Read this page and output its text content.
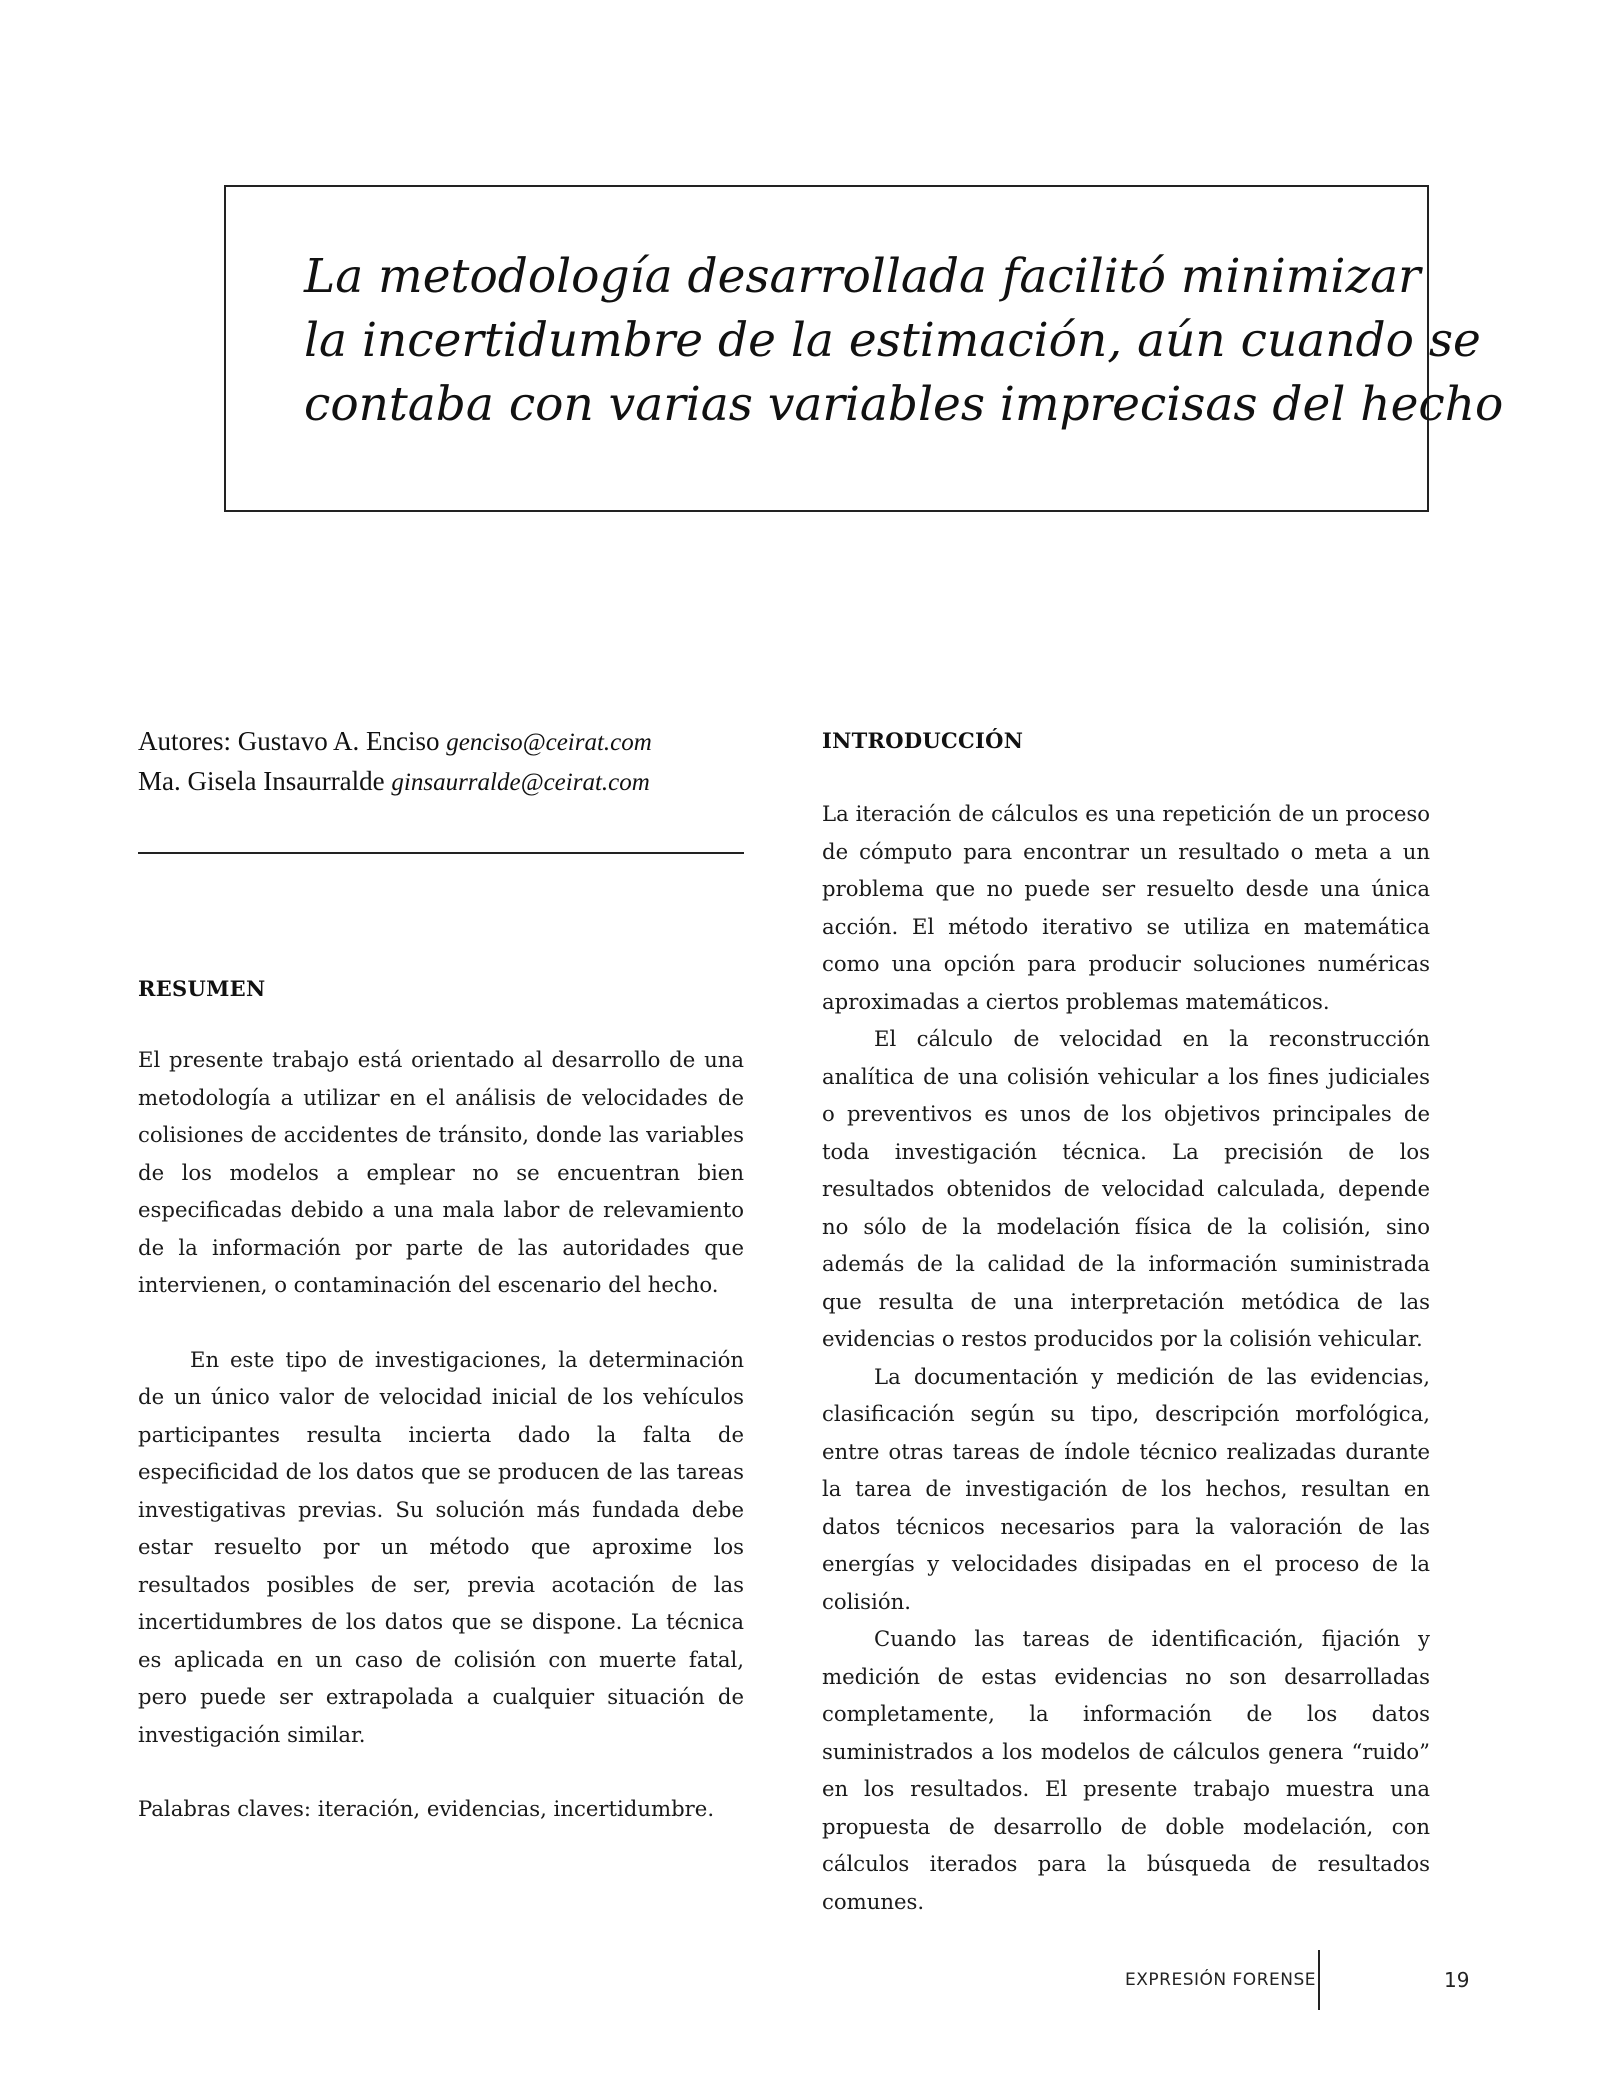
La metodología desarrollada facilitó minimizar
la incertidumbre de la estimación, aún cuando se
contaba con varias variables imprecisas del hecho
Autores: Gustavo A. Enciso genciso@ceirat.com
Ma. Gisela Insaurralde ginsaurralde@ceirat.com
RESUMEN
El presente trabajo está orientado al desarrollo de una metodología a utilizar en el análisis de velocidades de colisiones de accidentes de tránsito, donde las variables de los modelos a emplear no se encuentran bien especificadas debido a una mala labor de relevamiento de la información por parte de las autoridades que intervienen, o contaminación del escenario del hecho.
En este tipo de investigaciones, la determinación de un único valor de velocidad inicial de los vehículos participantes resulta incierta dado la falta de especificidad de los datos que se producen de las tareas investigativas previas. Su solución más fundada debe estar resuelto por un método que aproxime los resultados posibles de ser, previa acotación de las incertidumbres de los datos que se dispone. La técnica es aplicada en un caso de colisión con muerte fatal, pero puede ser extrapolada a cualquier situación de investigación similar.
Palabras claves: iteración, evidencias, incertidumbre.
INTRODUCCIÓN
La iteración de cálculos es una repetición de un proceso de cómputo para encontrar un resultado o meta a un problema que no puede ser resuelto desde una única acción. El método iterativo se utiliza en matemática como una opción para producir soluciones numéricas aproximadas a ciertos problemas matemáticos.
El cálculo de velocidad en la reconstrucción analítica de una colisión vehicular a los fines judiciales o preventivos es unos de los objetivos principales de toda investigación técnica. La precisión de los resultados obtenidos de velocidad calculada, depende no sólo de la modelación física de la colisión, sino además de la calidad de la información suministrada que resulta de una interpretación metódica de las evidencias o restos producidos por la colisión vehicular.
La documentación y medición de las evidencias, clasificación según su tipo, descripción morfológica, entre otras tareas de índole técnico realizadas durante la tarea de investigación de los hechos, resultan en datos técnicos necesarios para la valoración de las energías y velocidades disipadas en el proceso de la colisión.
Cuando las tareas de identificación, fijación y medición de estas evidencias no son desarrolladas completamente, la información de los datos suministrados a los modelos de cálculos genera “ruido” en los resultados. El presente trabajo muestra una propuesta de desarrollo de doble modelación, con cálculos iterados para la búsqueda de resultados comunes.
EXPRESIÓN FORENSE	19
